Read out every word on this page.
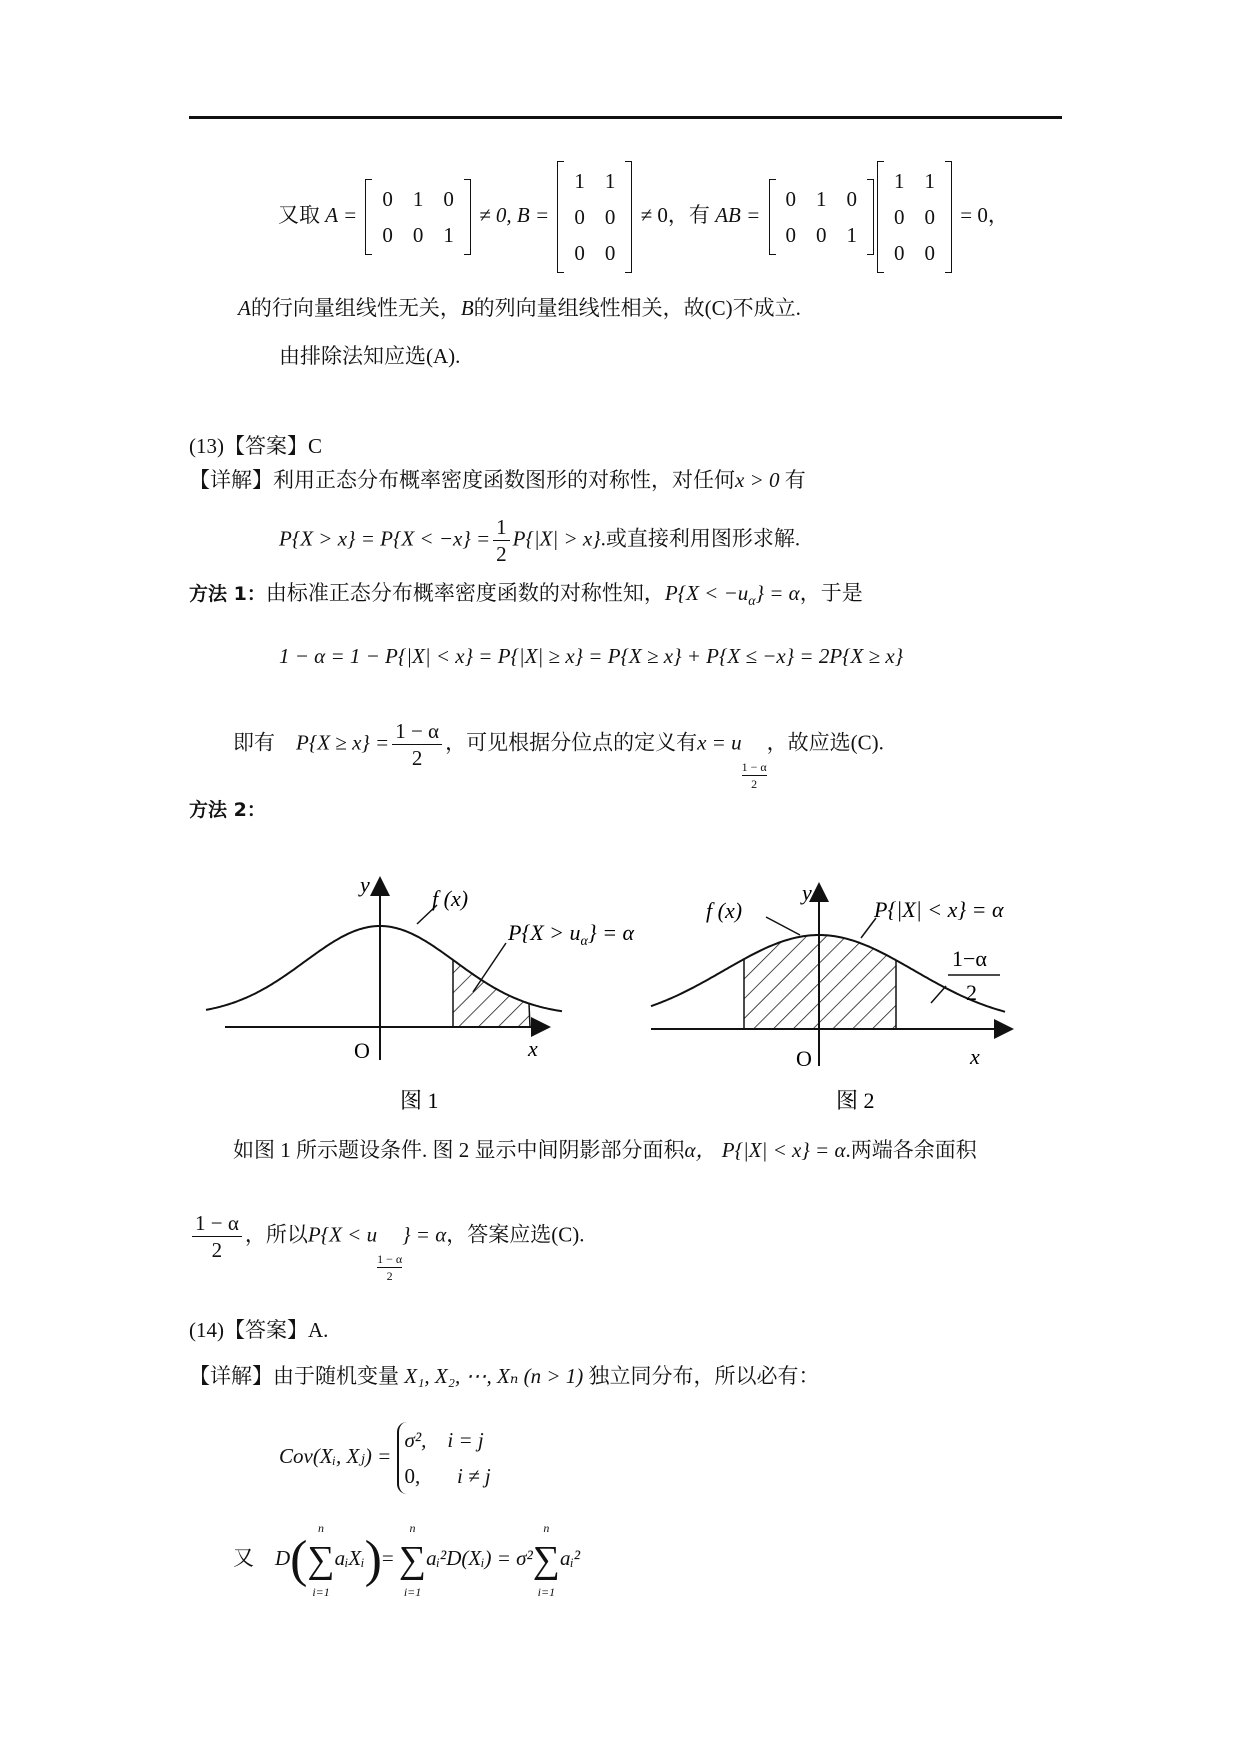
又取 A =
0	1	0
0	0	1
≠ 0, B =
1	1
0	0
0	0
≠ 0，有 AB =
0	1	0
0	0	1
1	1
0	0
0	0
= 0，
A的行向量组线性无关，B的列向量组线性相关，故(C)不成立.
由排除法知应选(A).
(13)【答案】C
【详解】利用正态分布概率密度函数图形的对称性，对任何x > 0 有
$P\{X > x\} = P\{X < -x\} = \frac{1}{2} P\{|X| > x\}$.或直接利用图形求解.
方法 1：由标准正态分布概率密度函数的对称性知，$P\{X < -u_\alpha\} = \alpha$，于是
1 − α = 1 − P{|X| < x} = P{|X| ≥ x} = P{X ≥ x} + P{X ≤ −x} = 2P{X ≥ x}
即有 $P\{X \ge x\} = \frac{1 - \alpha}{2}$ ，可见根据分位点的定义有x = u
$\frac{1 - \alpha}{2}$
，故应选(C).
方法 2：
y
f (x)
$P\{X > u_\alpha\} = \alpha$
O	x
图 1
y
f (x)	P{|X| < x} = α
1−α
2
O	x
图 2
如图 1 所示题设条件. 图 2 显示中间阴影部分面积α， P{|X| < x} = α.两端各余面积
$\frac{1 - \alpha}{2}$ ，所以P{X < u
$\frac{1 - \alpha}{2}$
} = α，答案应选(C).
(14)【答案】A.
【详解】由于随机变量 X₁, X₂, ⋯, Xₙ (n > 1) 独立同分布，所以必有：
Cov(Xᵢ, Xⱼ) =
σ², i = j
0, i ≠ j
又 D(
n
∑
i=1
aᵢXᵢ)=
n
∑
i=1
aᵢ²D(Xᵢ) = σ²
n
∑
i=1
aᵢ²
